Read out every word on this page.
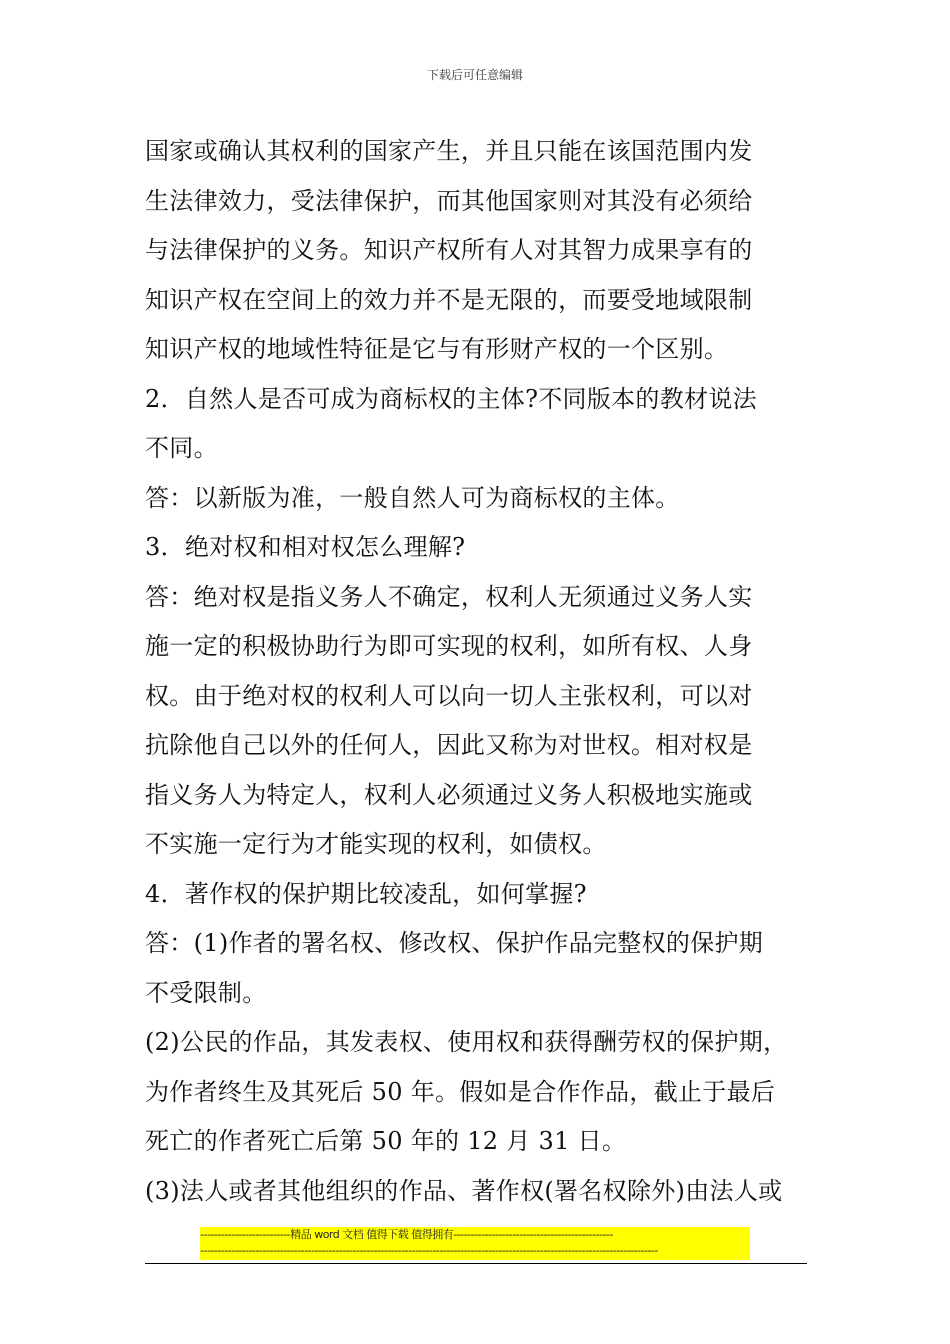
下载后可任意编辑
国家或确认其权利的国家产生，并且只能在该国范围内发
生法律效力，受法律保护，而其他国家则对其没有必须给
与法律保护的义务。知识产权所有人对其智力成果享有的
知识产权在空间上的效力并不是无限的，而要受地域限制
知识产权的地域性特征是它与有形财产权的一个区别。
2．自然人是否可成为商标权的主体?不同版本的教材说法
不同。
答：以新版为准，一般自然人可为商标权的主体。
3．绝对权和相对权怎么理解?
答：绝对权是指义务人不确定，权利人无须通过义务人实
施一定的积极协助行为即可实现的权利，如所有权、人身
权。由于绝对权的权利人可以向一切人主张权利，可以对
抗除他自己以外的任何人，因此又称为对世权。相对权是
指义务人为特定人，权利人必须通过义务人积极地实施或
不实施一定行为才能实现的权利，如债权。
4．著作权的保护期比较凌乱，如何掌握?
答：(1)作者的署名权、修改权、保护作品完整权的保护期
不受限制。
(2)公民的作品，其发表权、使用权和获得酬劳权的保护期，
为作者终生及其死后 50 年。假如是合作作品，截止于最后
死亡的作者死亡后第 50 年的 12 月 31 日。
(3)法人或者其他组织的作品、著作权(署名权除外)由法人或
--------------------------精品 word 文档 值得下载 值得拥有----------------------------------------------
------------------------------------------------------------------------------------------------------------------------------------
